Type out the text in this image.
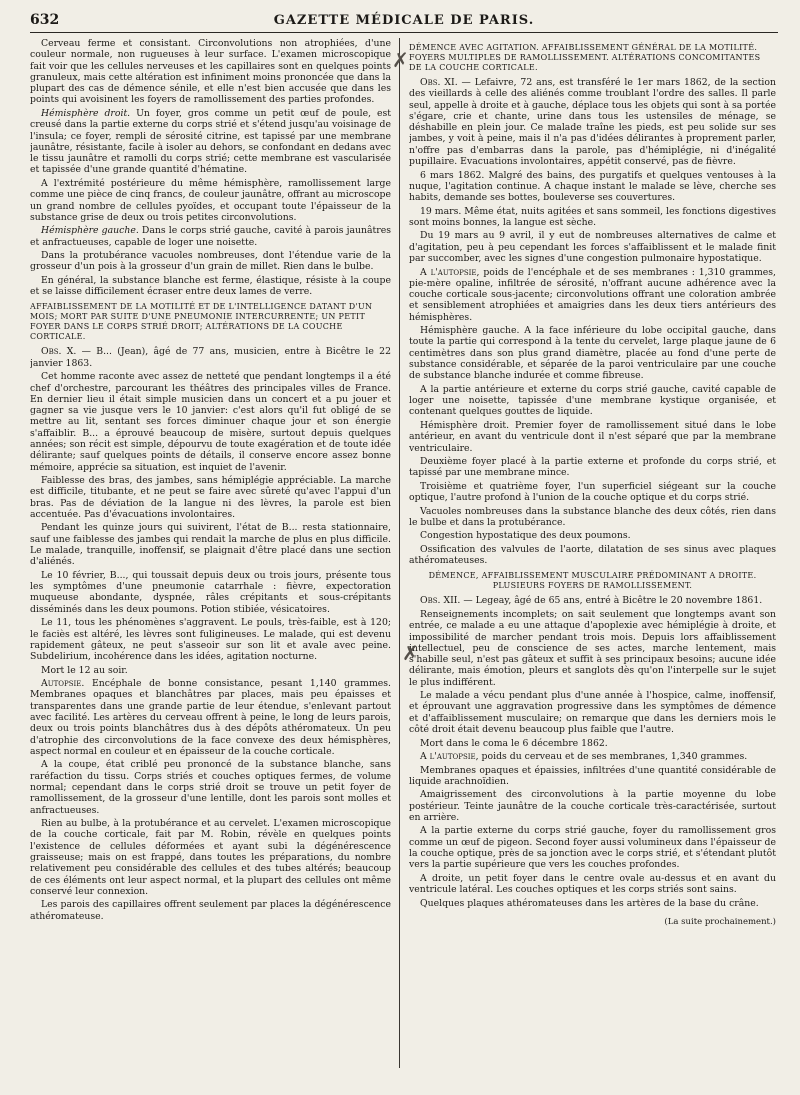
632	GAZETTE MÉDICALE DE PARIS.

Cerveau ferme et consistant. Circonvolutions non atrophiées, d'une couleur normale, non rugueuses à leur surface. L'examen microscopique fait voir que les cellules nerveuses et les capillaires sont en quelques points granuleux, mais cette altération est infiniment moins prononcée que dans la plupart des cas de démence sénile, et elle n'est bien accusée que dans les points qui avoisinent les foyers de ramollissement des parties profondes.

Hémisphère droit. Un foyer, gros comme un petit œuf de poule, est creusé dans la partie externe du corps strié et s'étend jusqu'au voisinage de l'insula; ce foyer, rempli de sérosité citrine, est tapissé par une membrane jaunâtre, résistante, facile à isoler au dehors, se confondant en dedans avec le tissu jaunâtre et ramolli du corps strié; cette membrane est vascularisée et tapissée d'une grande quantité d'hématine.

A l'extrémité postérieure du même hémisphère, ramollissement large comme une pièce de cinq francs, de couleur jaunâtre, offrant au microscope un grand nombre de cellules pyoïdes, et occupant toute l'épaisseur de la substance grise de deux ou trois petites circonvolutions.

Hémisphère gauche. Dans le corps strié gauche, cavité à parois jaunâtres et anfractueuses, capable de loger une noisette.

Dans la protubérance vacuoles nombreuses, dont l'étendue varie de la grosseur d'un pois à la grosseur d'un grain de millet. Rien dans le bulbe.

En général, la substance blanche est ferme, élastique, résiste à la coupe et se laisse difficilement écraser entre deux lames de verre.

AFFAIBLISSEMENT DE LA MOTILITÉ ET DE L'INTELLIGENCE DATANT D'UN MOIS; MORT PAR SUITE D'UNE PNEUMONIE INTERCURRENTE; UN PETIT FOYER DANS LE CORPS STRIÉ DROIT; ALTÉRATIONS DE LA COUCHE CORTICALE.

Obs. X. — B... (Jean), âgé de 77 ans, musicien, entre à Bicêtre le 22 janvier 1863.

Cet homme raconte avec assez de netteté que pendant longtemps il a été chef d'orchestre, parcourant les théâtres des principales villes de France. En dernier lieu il était simple musicien dans un concert et a pu jouer et gagner sa vie jusque vers le 10 janvier: c'est alors qu'il fut obligé de se mettre au lit, sentant ses forces diminuer chaque jour et son énergie s'affaiblir. B... a éprouvé beaucoup de misère, surtout depuis quelques années; son récit est simple, dépourvu de toute exagération et de toute idée délirante; sauf quelques points de détails, il conserve encore assez bonne mémoire, apprécie sa situation, est inquiet de l'avenir.

Faiblesse des bras, des jambes, sans hémiplégie appréciable. La marche est difficile, titubante, et ne peut se faire avec sûreté qu'avec l'appui d'un bras. Pas de déviation de la langue ni des lèvres, la parole est bien accentuée. Pas d'évacuations involontaires.

Pendant les quinze jours qui suivirent, l'état de B... resta stationnaire, sauf une faiblesse des jambes qui rendait la marche de plus en plus difficile. Le malade, tranquille, inoffensif, se plaignait d'être placé dans une section d'aliénés.

Le 10 février, B..., qui toussait depuis deux ou trois jours, présente tous les symptômes d'une pneumonie catarrhale : fièvre, expectoration muqueuse abondante, dyspnée, râles crépitants et sous-crépitants disséminés dans les deux poumons. Potion stibiée, vésicatoires.

Le 11, tous les phénomènes s'aggravent. Le pouls, très-faible, est à 120; le faciès est altéré, les lèvres sont fuligineuses. Le malade, qui est devenu rapidement gâteux, ne peut s'asseoir sur son lit et avale avec peine. Subdelirium, incohérence dans les idées, agitation nocturne.

Mort le 12 au soir.

Autopsie. Encéphale de bonne consistance, pesant 1,140 grammes. Membranes opaques et blanchâtres par places, mais peu épaisses et transparentes dans une grande partie de leur étendue, s'enlevant partout avec facilité. Les artères du cerveau offrent à peine, le long de leurs parois, deux ou trois points blanchâtres dus à des dépôts athéromateux. Un peu d'atrophie des circonvolutions de la face convexe des deux hémisphères, aspect normal en couleur et en épaisseur de la couche corticale.

A la coupe, état criblé peu prononcé de la substance blanche, sans raréfaction du tissu. Corps striés et couches optiques fermes, de volume normal; cependant dans le corps strié droit se trouve un petit foyer de ramollissement, de la grosseur d'une lentille, dont les parois sont molles et anfractueuses.

Rien au bulbe, à la protubérance et au cervelet. L'examen microscopique de la couche corticale, fait par M. Robin, révèle en quelques points l'existence de cellules déformées et ayant subi la dégénérescence graisseuse; mais on est frappé, dans toutes les préparations, du nombre relativement peu considérable des cellules et des tubes altérés; beaucoup de ces éléments ont leur aspect normal, et la plupart des cellules ont même conservé leur connexion.

Les parois des capillaires offrent seulement par places la dégénérescence athéromateuse.

DÉMENCE AVEC AGITATION. AFFAIBLISSEMENT GÉNÉRAL DE LA MOTILITÉ. FOYERS MULTIPLES DE RAMOLLISSEMENT. ALTÉRATIONS CONCOMITANTES DE LA COUCHE CORTICALE.

Obs. XI. — Lefaivre, 72 ans, est transféré le 1er mars 1862, de la section des vieillards à celle des aliénés comme troublant l'ordre des salles. Il parle seul, appelle à droite et à gauche, déplace tous les objets qui sont à sa portée s'égare, crie et chante, urine dans tous les ustensiles de ménage, se déshabille en plein jour. Ce malade traîne les pieds, est peu solide sur ses jambes, y voit à peine, mais il n'a pas d'idées délirantes à proprement parler, n'offre pas d'embarras dans la parole, pas d'hémiplégie, ni d'inégalité pupillaire. Evacuations involontaires, appétit conservé, pas de fièvre.

6 mars 1862. Malgré des bains, des purgatifs et quelques ventouses à la nuque, l'agitation continue. A chaque instant le malade se lève, cherche ses habits, demande ses bottes, bouleverse ses couvertures.

19 mars. Même état, nuits agitées et sans sommeil, les fonctions digestives sont moins bonnes, la langue est sèche.

Du 19 mars au 9 avril, il y eut de nombreuses alternatives de calme et d'agitation, peu à peu cependant les forces s'affaiblissent et le malade finit par succomber, avec les signes d'une congestion pulmonaire hypostatique.

A l'autopsie, poids de l'encéphale et de ses membranes : 1,310 grammes, pie-mère opaline, infiltrée de sérosité, n'offrant aucune adhérence avec la couche corticale sous-jacente; circonvolutions offrant une coloration ambrée et sensiblement atrophiées et amaigries dans les deux tiers antérieurs des hémisphères.

Hémisphère gauche. A la face inférieure du lobe occipital gauche, dans toute la partie qui correspond à la tente du cervelet, large plaque jaune de 6 centimètres dans son plus grand diamètre, placée au fond d'une perte de substance considérable, et séparée de la paroi ventriculaire par une couche de substance blanche indurée et comme fibreuse.

A la partie antérieure et externe du corps strié gauche, cavité capable de loger une noisette, tapissée d'une membrane kystique organisée, et contenant quelques gouttes de liquide.

Hémisphère droit. Premier foyer de ramollissement situé dans le lobe antérieur, en avant du ventricule dont il n'est séparé que par la membrane ventriculaire.

Deuxième foyer placé à la partie externe et profonde du corps strié, et tapissé par une membrane mince.

Troisième et quatrième foyer, l'un superficiel siégeant sur la couche optique, l'autre profond à l'union de la couche optique et du corps strié.

Vacuoles nombreuses dans la substance blanche des deux côtés, rien dans le bulbe et dans la protubérance.

Congestion hypostatique des deux poumons.

Ossification des valvules de l'aorte, dilatation de ses sinus avec plaques athéromateuses.

DÉMENCE, AFFAIBLISSEMENT MUSCULAIRE PRÉDOMINANT A DROITE. PLUSIEURS FOYERS DE RAMOLLISSEMENT.

Obs. XII. — Legeay, âgé de 65 ans, entré à Bicêtre le 20 novembre 1861.

Renseignements incomplets; on sait seulement que longtemps avant son entrée, ce malade a eu une attaque d'apoplexie avec hémiplégie à droite, et impossibilité de marcher pendant trois mois. Depuis lors affaiblissement intellectuel, peu de conscience de ses actes, marche lentement, mais s'habille seul, n'est pas gâteux et suffit à ses principaux besoins; aucune idée délirante, mais émotion, pleurs et sanglots dès qu'on l'interpelle sur le sujet le plus indifférent.

Le malade a vécu pendant plus d'une année à l'hospice, calme, inoffensif, et éprouvant une aggravation progressive dans les symptômes de démence et d'affaiblissement musculaire; on remarque que dans les derniers mois le côté droit était devenu beaucoup plus faible que l'autre.

Mort dans le coma le 6 décembre 1862.

A l'autopsie, poids du cerveau et de ses membranes, 1,340 grammes.

Membranes opaques et épaissies, infiltrées d'une quantité considérable de liquide arachnoïdien.

Amaigrissement des circonvolutions à la partie moyenne du lobe postérieur. Teinte jaunâtre de la couche corticale très-caractérisée, surtout en arrière.

A la partie externe du corps strié gauche, foyer du ramollissement gros comme un œuf de pigeon. Second foyer aussi volumineux dans l'épaisseur de la couche optique, près de sa jonction avec le corps strié, et s'étendant plutôt vers la partie supérieure que vers les couches profondes.

A droite, un petit foyer dans le centre ovale au-dessus et en avant du ventricule latéral. Les couches optiques et les corps striés sont sains.

Quelques plaques athéromateuses dans les artères de la base du crâne.

(La suite prochainement.)
✗
✗
